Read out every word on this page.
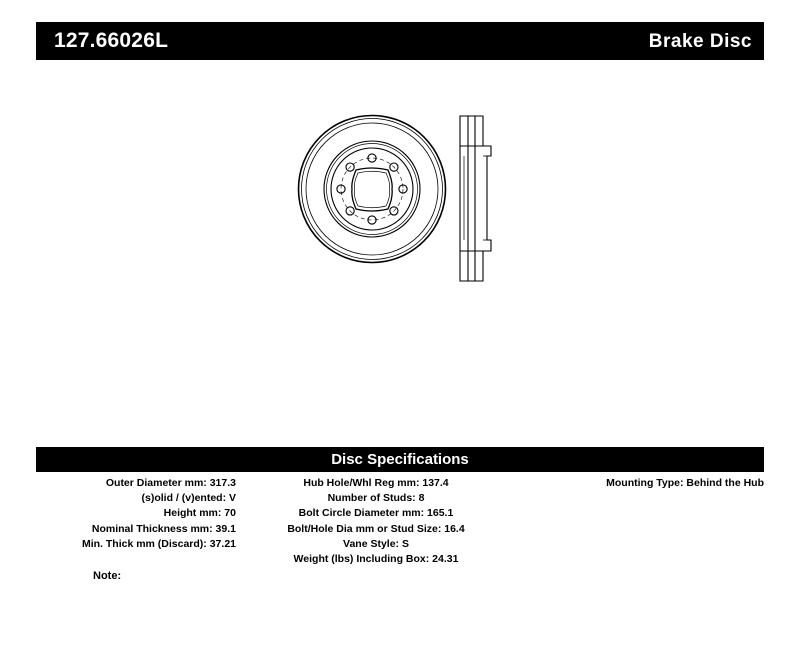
127.66026L	Brake Disc
Disc Specifications
Outer Diameter mm: 317.3
(s)olid / (v)ented: V
Height mm: 70
Nominal Thickness mm: 39.1
Min. Thick mm (Discard): 37.21
Hub Hole/Whl Reg mm: 137.4
Number of Studs: 8
Bolt Circle Diameter mm: 165.1
Bolt/Hole Dia mm or Stud Size: 16.4
Vane Style: S
Weight (lbs) Including Box: 24.31
Mounting Type: Behind the Hub
Note:
